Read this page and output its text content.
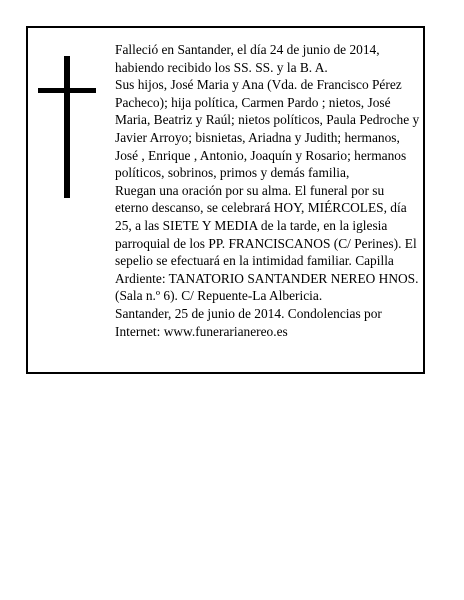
Falleció en Santander, el día 24 de junio de 2014, habiendo recibido los SS. SS. y la B. A.

Sus hijos, José Maria y Ana (Vda. de Francisco Pérez Pacheco); hija política, Carmen Pardo ; nietos, José Maria, Beatriz y Raúl; nietos políticos, Paula Pedroche y Javier Arroyo; bisnietas, Ariadna y Judith; hermanos, José , Enrique , Antonio, Joaquín y Rosario; hermanos políticos, sobrinos, primos y demás familia,

Ruegan una oración por su alma. El funeral por su eterno descanso, se celebrará HOY, MIÉRCOLES, día 25, a las SIETE Y MEDIA de la tarde, en la iglesia parroquial de los PP. FRANCISCANOS (C/ Perines). El sepelio se efectuará en la intimidad familiar. Capilla Ardiente: TANATORIO SANTANDER NEREO HNOS. (Sala n.º 6). C/ Repuente-La Albericia.

Santander, 25 de junio de 2014. Condolencias por Internet: www.funerarianereo.es
